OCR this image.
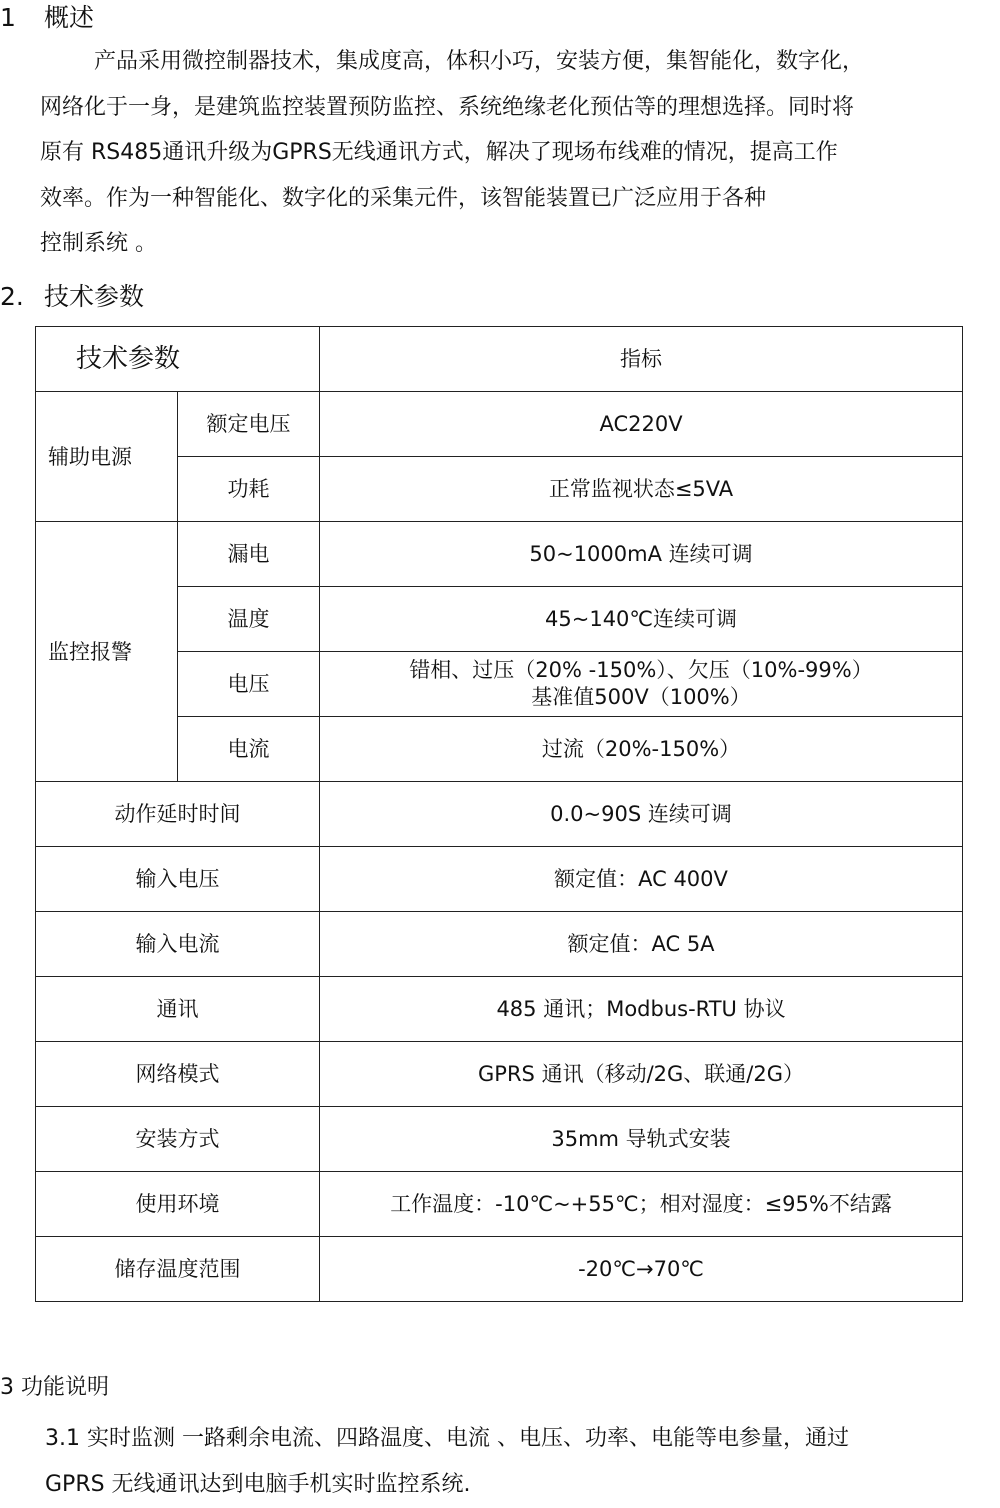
1 概述
产品采用微控制器技术，集成度高，体积小巧，安装方便，集智能化，数字化，
网络化于一身，是建筑监控装置预防监控、系统绝缘老化预估等的理想选择。同时将
原有 RS485通讯升级为GPRS无线通讯方式，解决了现场布线难的情况，提高工作
效率。作为一种智能化、数字化的采集元件，该智能装置已广泛应用于各种
控制系统 。
2. 技术参数
技术参数		指标
辅助电源	额定电压	AC220V
	功耗	正常监视状态≤5VA
监控报警	漏电	50~1000mA 连续可调
	温度	45~140℃连续可调
	电压	错相、过压（20% -150%）、欠压（10%-99%）
基准值500V（100%）

	电流	过流（20%-150%）
动作延时时间		0.0~90S 连续可调
输入电压		额定值：AC 400V
输入电流		额定值：AC 5A
通讯		485 通讯；Modbus-RTU 协议
网络模式		GPRS 通讯（移动/2G、联通/2G）
安装方式		35mm 导轨式安装
使用环境		工作温度：-10℃~+55℃；相对湿度：≤95%不结露
储存温度范围		-20℃→70℃
3 功能说明
3.1 实时监测 一路剩余电流、四路温度、电流 、电压、功率、电能等电参量，通过
GPRS 无线通讯达到电脑手机实时监控系统.
